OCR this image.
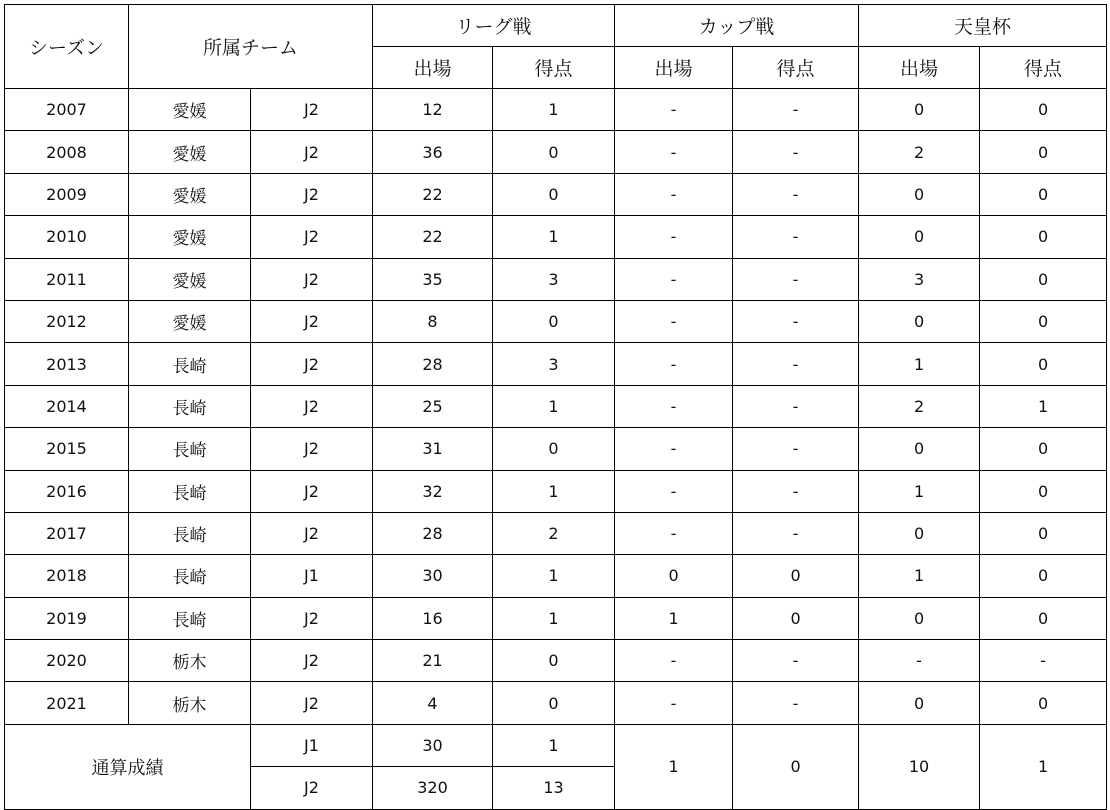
シーズン	所属チーム		リーグ戦		カップ戦		天皇杯	
			出場	得点	出場	得点	出場	得点
2007	愛媛	J2	12	1	-	-	0	0
2008	愛媛	J2	36	0	-	-	2	0
2009	愛媛	J2	22	0	-	-	0	0
2010	愛媛	J2	22	1	-	-	0	0
2011	愛媛	J2	35	3	-	-	3	0
2012	愛媛	J2	8	0	-	-	0	0
2013	長崎	J2	28	3	-	-	1	0
2014	長崎	J2	25	1	-	-	2	1
2015	長崎	J2	31	0	-	-	0	0
2016	長崎	J2	32	1	-	-	1	0
2017	長崎	J2	28	2	-	-	0	0
2018	長崎	J1	30	1	0	0	1	0
2019	長崎	J2	16	1	1	0	0	0
2020	栃木	J2	21	0	-	-	-	-
2021	栃木	J2	4	0	-	-	0	0
通算成績		J1	30	1	1	0	10	1
		J2	320	13				
